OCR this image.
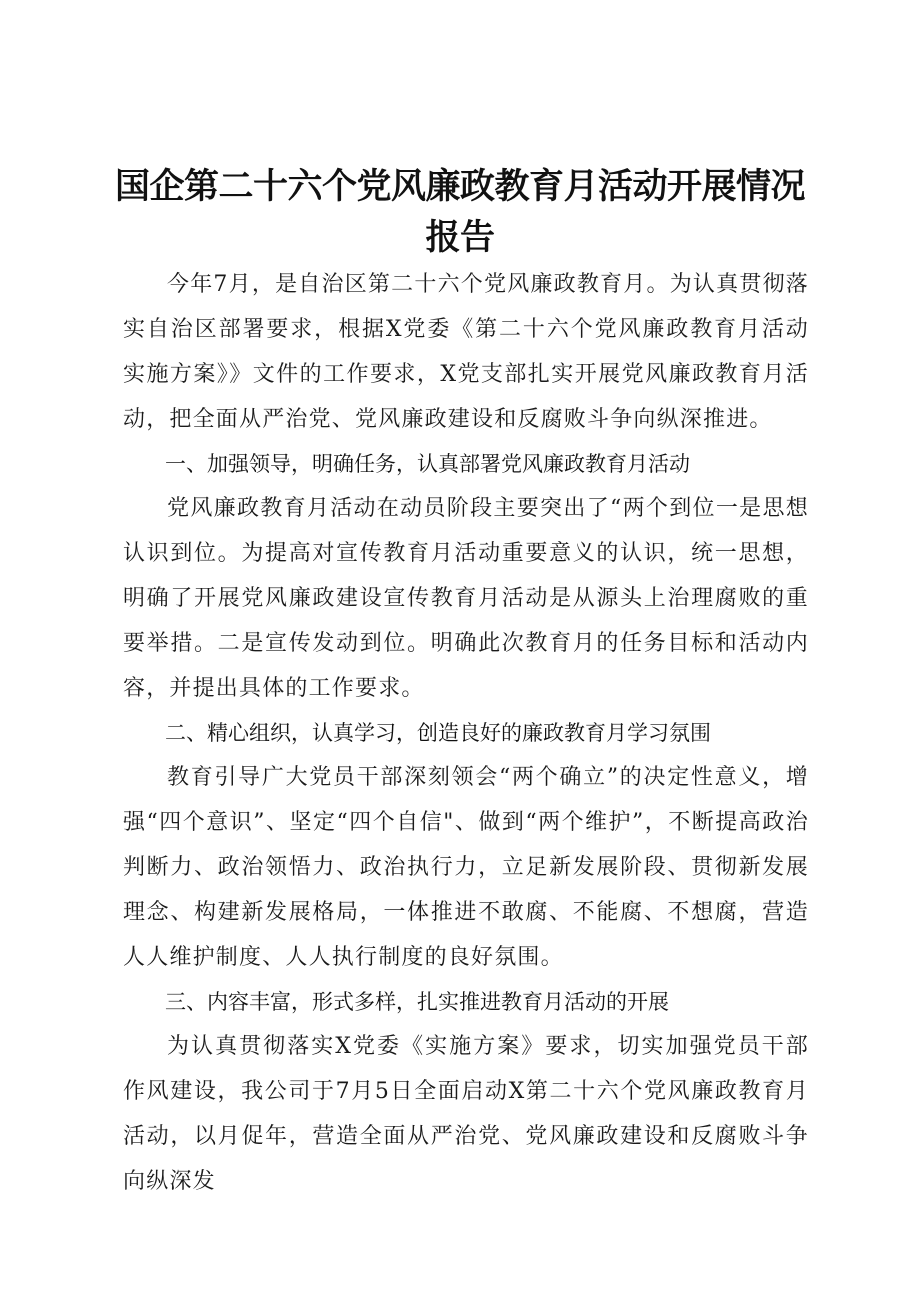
国企第二十六个党风廉政教育月活动开展情况报告

今年7月，是自治区第二十六个党风廉政教育月。为认真贯彻落实自治区部署要求，根据X党委《第二十六个党风廉政教育月活动实施方案》》文件的工作要求，X党支部扎实开展党风廉政教育月活动，把全面从严治党、党风廉政建设和反腐败斗争向纵深推进。

一、加强领导，明确任务，认真部署党风廉政教育月活动

党风廉政教育月活动在动员阶段主要突出了“两个到位一是思想认识到位。为提高对宣传教育月活动重要意义的认识，统一思想，明确了开展党风廉政建设宣传教育月活动是从源头上治理腐败的重要举措。二是宣传发动到位。明确此次教育月的任务目标和活动内容，并提出具体的工作要求。

二、精心组织，认真学习，创造良好的廉政教育月学习氛围

教育引导广大党员干部深刻领会“两个确立”的决定性意义，增强“四个意识”、坚定“四个自信"、做到“两个维护”，不断提高政治判断力、政治领悟力、政治执行力，立足新发展阶段、贯彻新发展理念、构建新发展格局，一体推进不敢腐、不能腐、不想腐，营造人人维护制度、人人执行制度的良好氛围。

三、内容丰富，形式多样，扎实推进教育月活动的开展

为认真贯彻落实X党委《实施方案》要求，切实加强党员干部作风建设，我公司于7月5日全面启动X第二十六个党风廉政教育月活动，以月促年，营造全面从严治党、党风廉政建设和反腐败斗争向纵深发
